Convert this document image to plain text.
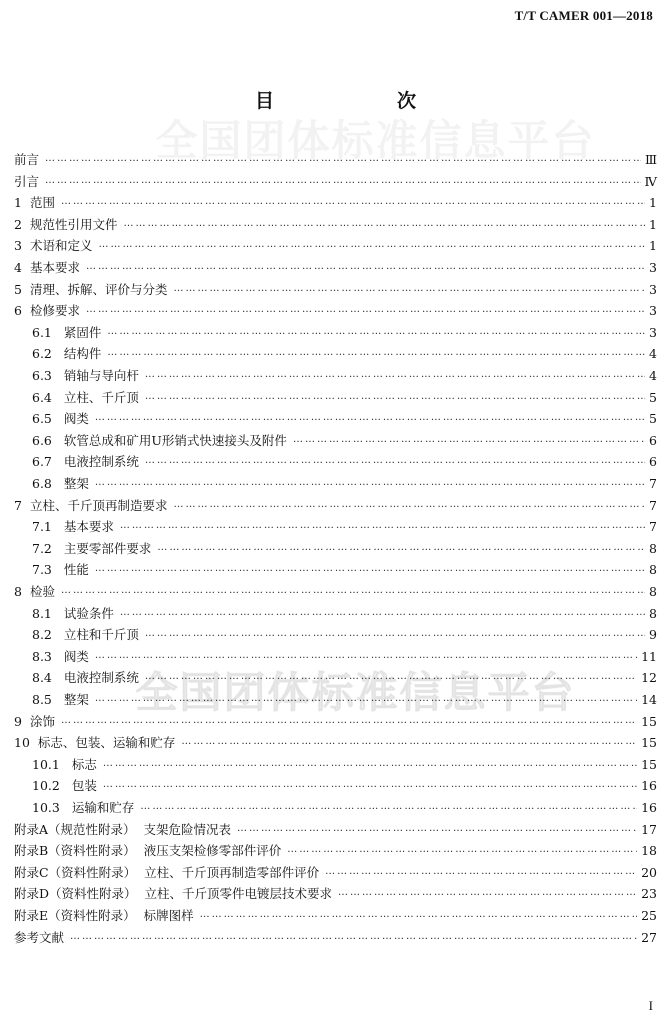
T/T CAMER 001—2018
全国团体标准信息平台
全国团体标准信息平台
目　次
前言 ………………………………………………………………………………………………………………………………………………………………………………………………………………	Ⅲ
引言 ………………………………………………………………………………………………………………………………………………………………………………………………………………	Ⅳ
1 范围 ………………………………………………………………………………………………………………………………………………………………………………………………………………	1
2 规范性引用文件 ………………………………………………………………………………………………………………………………………………………………………………………………………………	1
3 术语和定义 ………………………………………………………………………………………………………………………………………………………………………………………………………………	1
4 基本要求 ………………………………………………………………………………………………………………………………………………………………………………………………………………	3
5 清理、拆解、评价与分类 ………………………………………………………………………………………………………………………………………………………………………………………………………………	3
6 检修要求 ………………………………………………………………………………………………………………………………………………………………………………………………………………	3
6.1 紧固件 ………………………………………………………………………………………………………………………………………………………………………………………………………………	3
6.2 结构件 ………………………………………………………………………………………………………………………………………………………………………………………………………………	4
6.3 销轴与导向杆 ………………………………………………………………………………………………………………………………………………………………………………………………………………	4
6.4 立柱、千斤顶 ………………………………………………………………………………………………………………………………………………………………………………………………………………	5
6.5 阀类 ………………………………………………………………………………………………………………………………………………………………………………………………………………	5
6.6 软管总成和矿用U形销式快速接头及附件 ………………………………………………………………………………………………………………………………………………………………………………………………………………	6
6.7 电液控制系统 ………………………………………………………………………………………………………………………………………………………………………………………………………………	6
6.8 整架 ………………………………………………………………………………………………………………………………………………………………………………………………………………	7
7 立柱、千斤顶再制造要求 ………………………………………………………………………………………………………………………………………………………………………………………………………………	7
7.1 基本要求 ………………………………………………………………………………………………………………………………………………………………………………………………………………	7
7.2 主要零部件要求 ………………………………………………………………………………………………………………………………………………………………………………………………………………	8
7.3 性能 ………………………………………………………………………………………………………………………………………………………………………………………………………………	8
8 检验 ………………………………………………………………………………………………………………………………………………………………………………………………………………	8
8.1 试验条件 ………………………………………………………………………………………………………………………………………………………………………………………………………………	8
8.2 立柱和千斤顶 ………………………………………………………………………………………………………………………………………………………………………………………………………………	9
8.3 阀类 ………………………………………………………………………………………………………………………………………………………………………………………………………………	11
8.4 电液控制系统 ………………………………………………………………………………………………………………………………………………………………………………………………………………	12
8.5 整架 ………………………………………………………………………………………………………………………………………………………………………………………………………………	14
9 涂饰 ………………………………………………………………………………………………………………………………………………………………………………………………………………	15
10 标志、包装、运输和贮存 ………………………………………………………………………………………………………………………………………………………………………………………………………………	15
10.1 标志 ………………………………………………………………………………………………………………………………………………………………………………………………………………	15
10.2 包装 ………………………………………………………………………………………………………………………………………………………………………………………………………………	16
10.3 运输和贮存 ………………………………………………………………………………………………………………………………………………………………………………………………………………	16
附录A（规范性附录） 支架危险情况表 ………………………………………………………………………………………………………………………………………………………………………………………………………………	17
附录B（资料性附录） 液压支架检修零部件评价 ………………………………………………………………………………………………………………………………………………………………………………………………………………	18
附录C（资料性附录） 立柱、千斤顶再制造零部件评价 ………………………………………………………………………………………………………………………………………………………………………………………………………………	20
附录D（资料性附录） 立柱、千斤顶零件电镀层技术要求 ………………………………………………………………………………………………………………………………………………………………………………………………………………	23
附录E（资料性附录） 标牌图样 ………………………………………………………………………………………………………………………………………………………………………………………………………………	25
参考文献 ………………………………………………………………………………………………………………………………………………………………………………………………………………	27
I
